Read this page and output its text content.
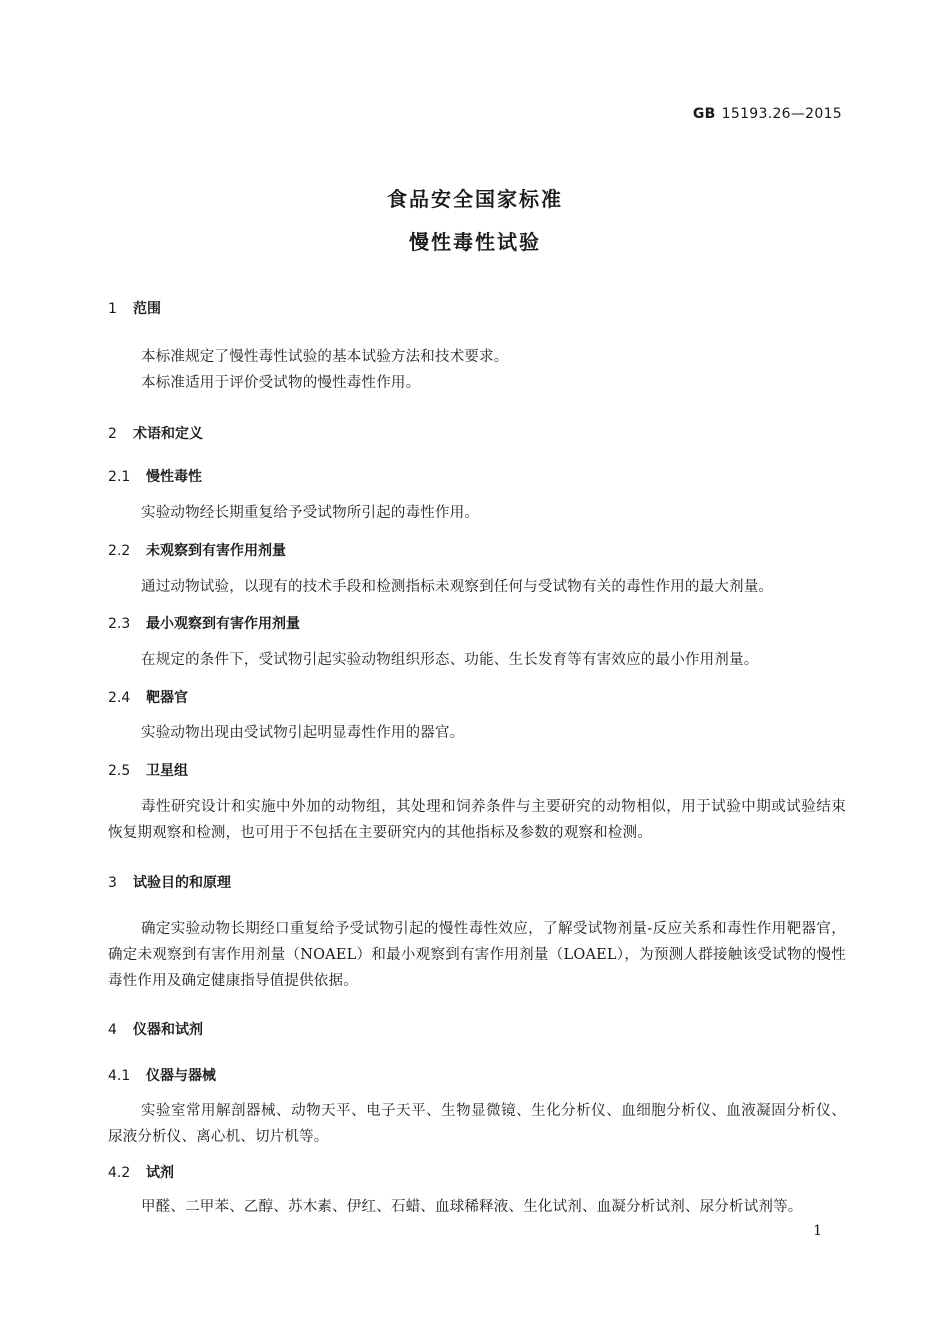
GB 15193.26—2015
食品安全国家标准
慢性毒性试验
1 范围
本标准规定了慢性毒性试验的基本试验方法和技术要求。
本标准适用于评价受试物的慢性毒性作用。
2 术语和定义
2.1 慢性毒性
实验动物经长期重复给予受试物所引起的毒性作用。
2.2 未观察到有害作用剂量
通过动物试验，以现有的技术手段和检测指标未观察到任何与受试物有关的毒性作用的最大剂量。
2.3 最小观察到有害作用剂量
在规定的条件下，受试物引起实验动物组织形态、功能、生长发育等有害效应的最小作用剂量。
2.4 靶器官
实验动物出现由受试物引起明显毒性作用的器官。
2.5 卫星组
毒性研究设计和实施中外加的动物组，其处理和饲养条件与主要研究的动物相似，用于试验中期或试验结束恢复期观察和检测，也可用于不包括在主要研究内的其他指标及参数的观察和检测。
3 试验目的和原理
确定实验动物长期经口重复给予受试物引起的慢性毒性效应，了解受试物剂量-反应关系和毒性作用靶器官，确定未观察到有害作用剂量（NOAEL）和最小观察到有害作用剂量（LOAEL），为预测人群接触该受试物的慢性毒性作用及确定健康指导值提供依据。
4 仪器和试剂
4.1 仪器与器械
实验室常用解剖器械、动物天平、电子天平、生物显微镜、生化分析仪、血细胞分析仪、血液凝固分析仪、尿液分析仪、离心机、切片机等。
4.2 试剂
甲醛、二甲苯、乙醇、苏木素、伊红、石蜡、血球稀释液、生化试剂、血凝分析试剂、尿分析试剂等。
1
